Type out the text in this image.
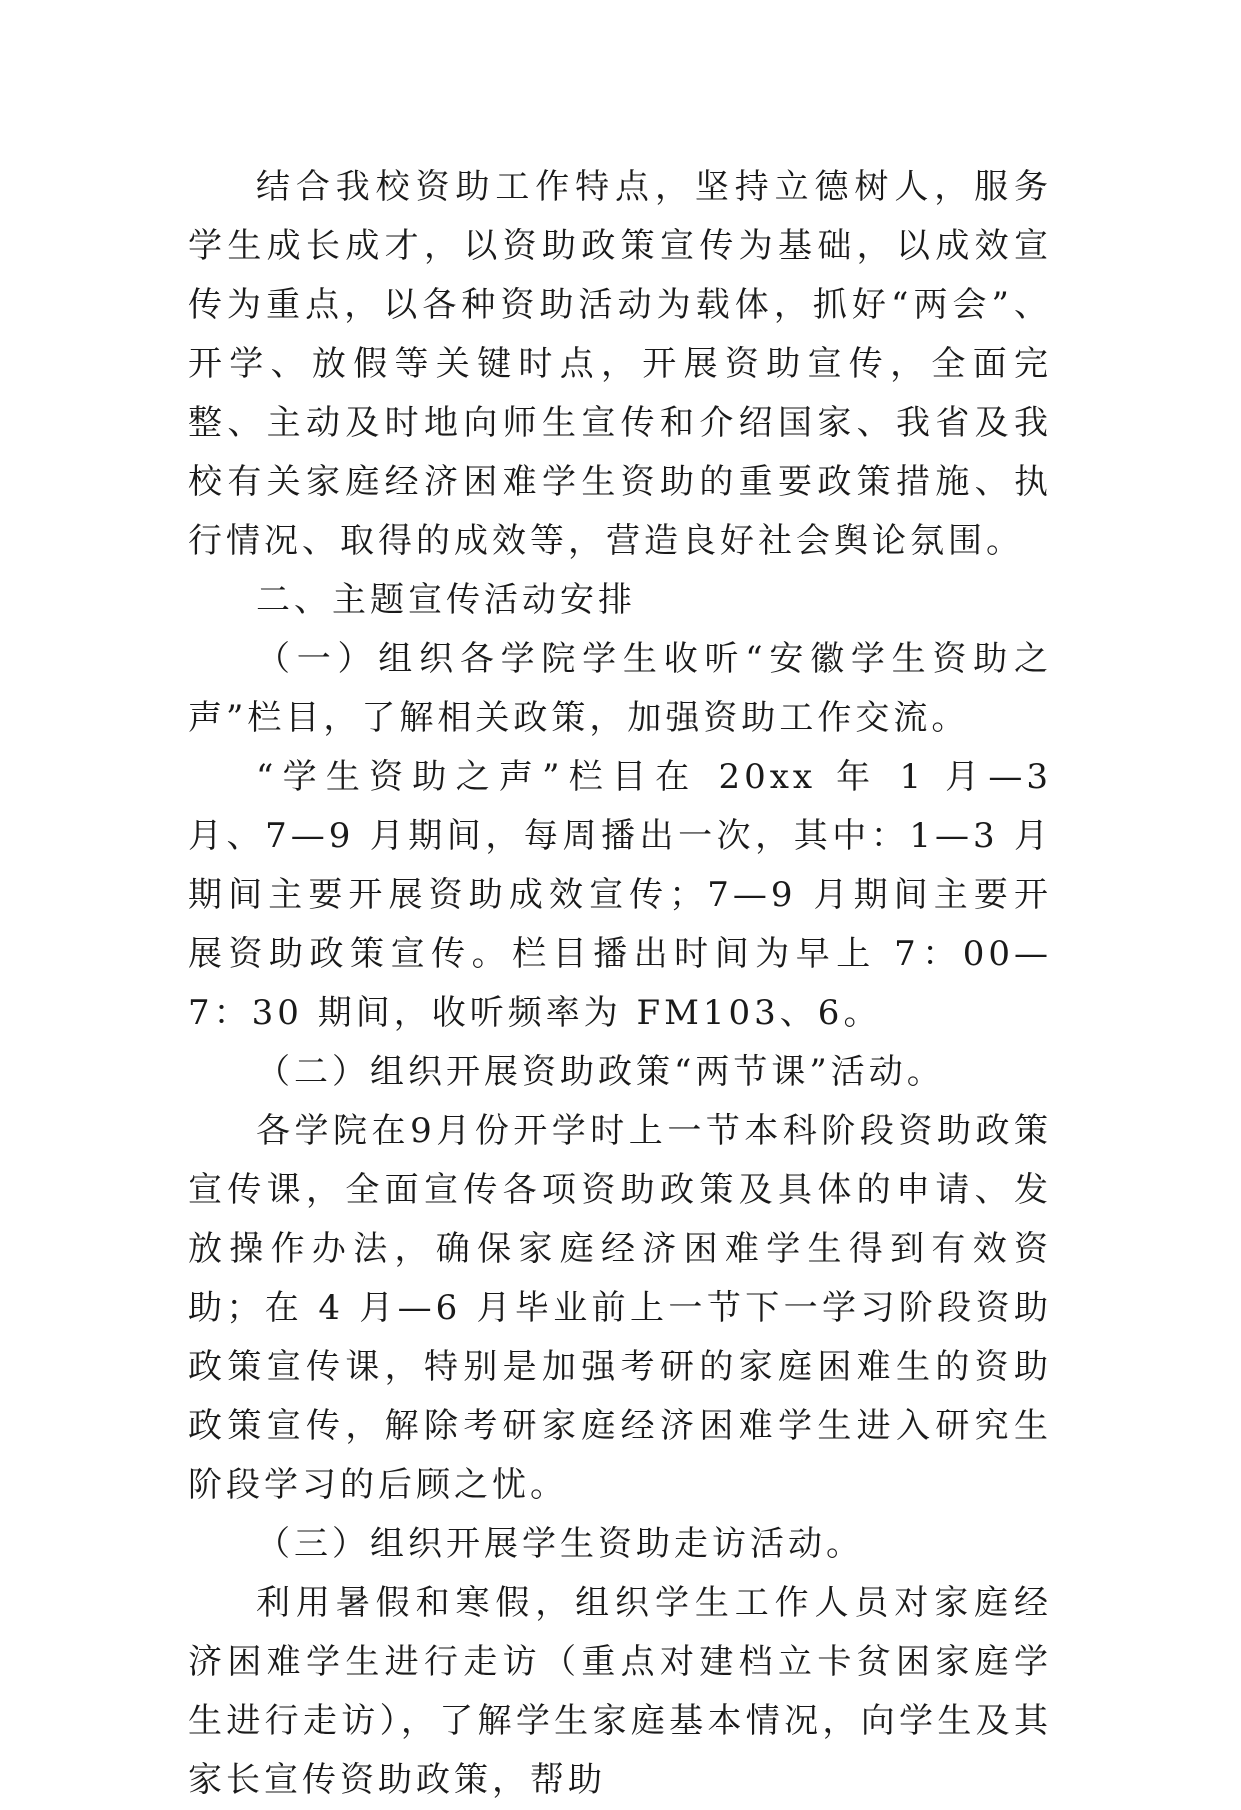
结合我校资助工作特点，坚持立德树人，服务学生成长成才，以资助政策宣传为基础，以成效宣传为重点，以各种资助活动为载体，抓好“两会”、开学、放假等关键时点，开展资助宣传，全面完整、主动及时地向师生宣传和介绍国家、我省及我校有关家庭经济困难学生资助的重要政策措施、执行情况、取得的成效等，营造良好社会舆论氛围。

二、主题宣传活动安排

（一）组织各学院学生收听“安徽学生资助之声”栏目，了解相关政策，加强资助工作交流。

“学生资助之声”栏目在 20xx 年 1 月—3 月、7—9 月期间，每周播出一次，其中：1—3 月期间主要开展资助成效宣传；7—9 月期间主要开展资助政策宣传。栏目播出时间为早上 7：00—7：30 期间，收听频率为 FM103、6。

（二）组织开展资助政策“两节课”活动。

各学院在9月份开学时上一节本科阶段资助政策宣传课，全面宣传各项资助政策及具体的申请、发放操作办法，确保家庭经济困难学生得到有效资助；在 4 月—6 月毕业前上一节下一学习阶段资助政策宣传课，特别是加强考研的家庭困难生的资助政策宣传，解除考研家庭经济困难学生进入研究生阶段学习的后顾之忧。

（三）组织开展学生资助走访活动。

利用暑假和寒假，组织学生工作人员对家庭经济困难学生进行走访（重点对建档立卡贫困家庭学生进行走访），了解学生家庭基本情况，向学生及其家长宣传资助政策，帮助
